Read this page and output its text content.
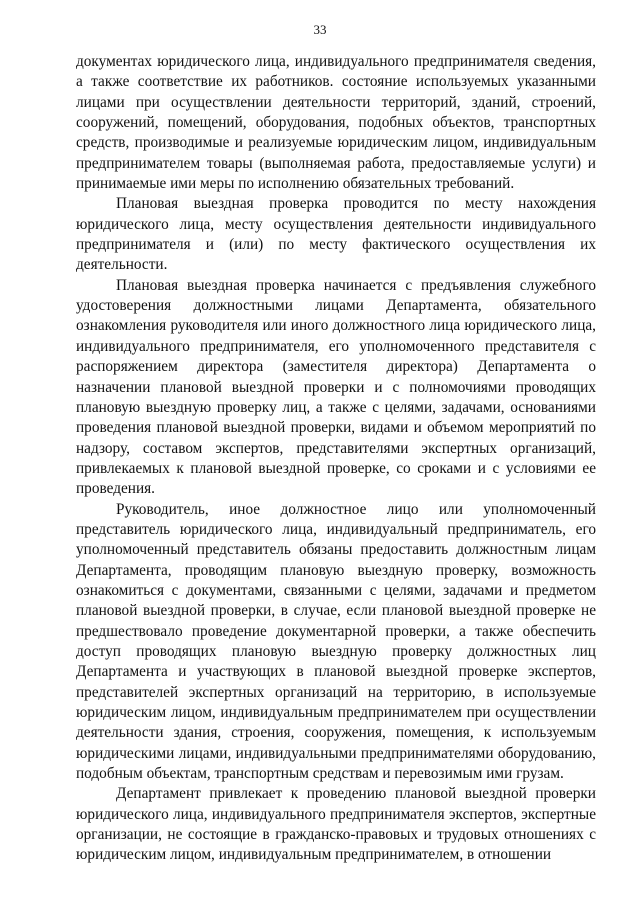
33

документах юридического лица, индивидуального предпринимателя сведения, а также соответствие их работников. состояние используемых указанными лицами при осуществлении деятельности территорий, зданий, строений, сооружений, помещений, оборудования, подобных объектов, транспортных средств, производимые и реализуемые юридическим лицом, индивидуальным предпринимателем товары (выполняемая работа, предоставляемые услуги) и принимаемые ими меры по исполнению обязательных требований.

Плановая выездная проверка проводится по месту нахождения юридического лица, месту осуществления деятельности индивидуального предпринимателя и (или) по месту фактического осуществления их деятельности.

Плановая выездная проверка начинается с предъявления служебного удостоверения должностными лицами Департамента, обязательного ознакомления руководителя или иного должностного лица юридического лица, индивидуального предпринимателя, его уполномоченного представителя с распоряжением директора (заместителя директора) Департамента о назначении плановой выездной проверки и с полномочиями проводящих плановую выездную проверку лиц, а также с целями, задачами, основаниями проведения плановой выездной проверки, видами и объемом мероприятий по надзору, составом экспертов, представителями экспертных организаций, привлекаемых к плановой выездной проверке, со сроками и с условиями ее проведения.

Руководитель, иное должностное лицо или уполномоченный представитель юридического лица, индивидуальный предприниматель, его уполномоченный представитель обязаны предоставить должностным лицам Департамента, проводящим плановую выездную проверку, возможность ознакомиться с документами, связанными с целями, задачами и предметом плановой выездной проверки, в случае, если плановой выездной проверке не предшествовало проведение документарной проверки, а также обеспечить доступ проводящих плановую выездную проверку должностных лиц Департамента и участвующих в плановой выездной проверке экспертов, представителей экспертных организаций на территорию, в используемые юридическим лицом, индивидуальным предпринимателем при осуществлении деятельности здания, строения, сооружения, помещения, к используемым юридическими лицами, индивидуальными предпринимателями оборудованию, подобным объектам, транспортным средствам и перевозимым ими грузам.

Департамент привлекает к проведению плановой выездной проверки юридического лица, индивидуального предпринимателя экспертов, экспертные организации, не состоящие в гражданско-правовых и трудовых отношениях с юридическим лицом, индивидуальным предпринимателем, в отношении
